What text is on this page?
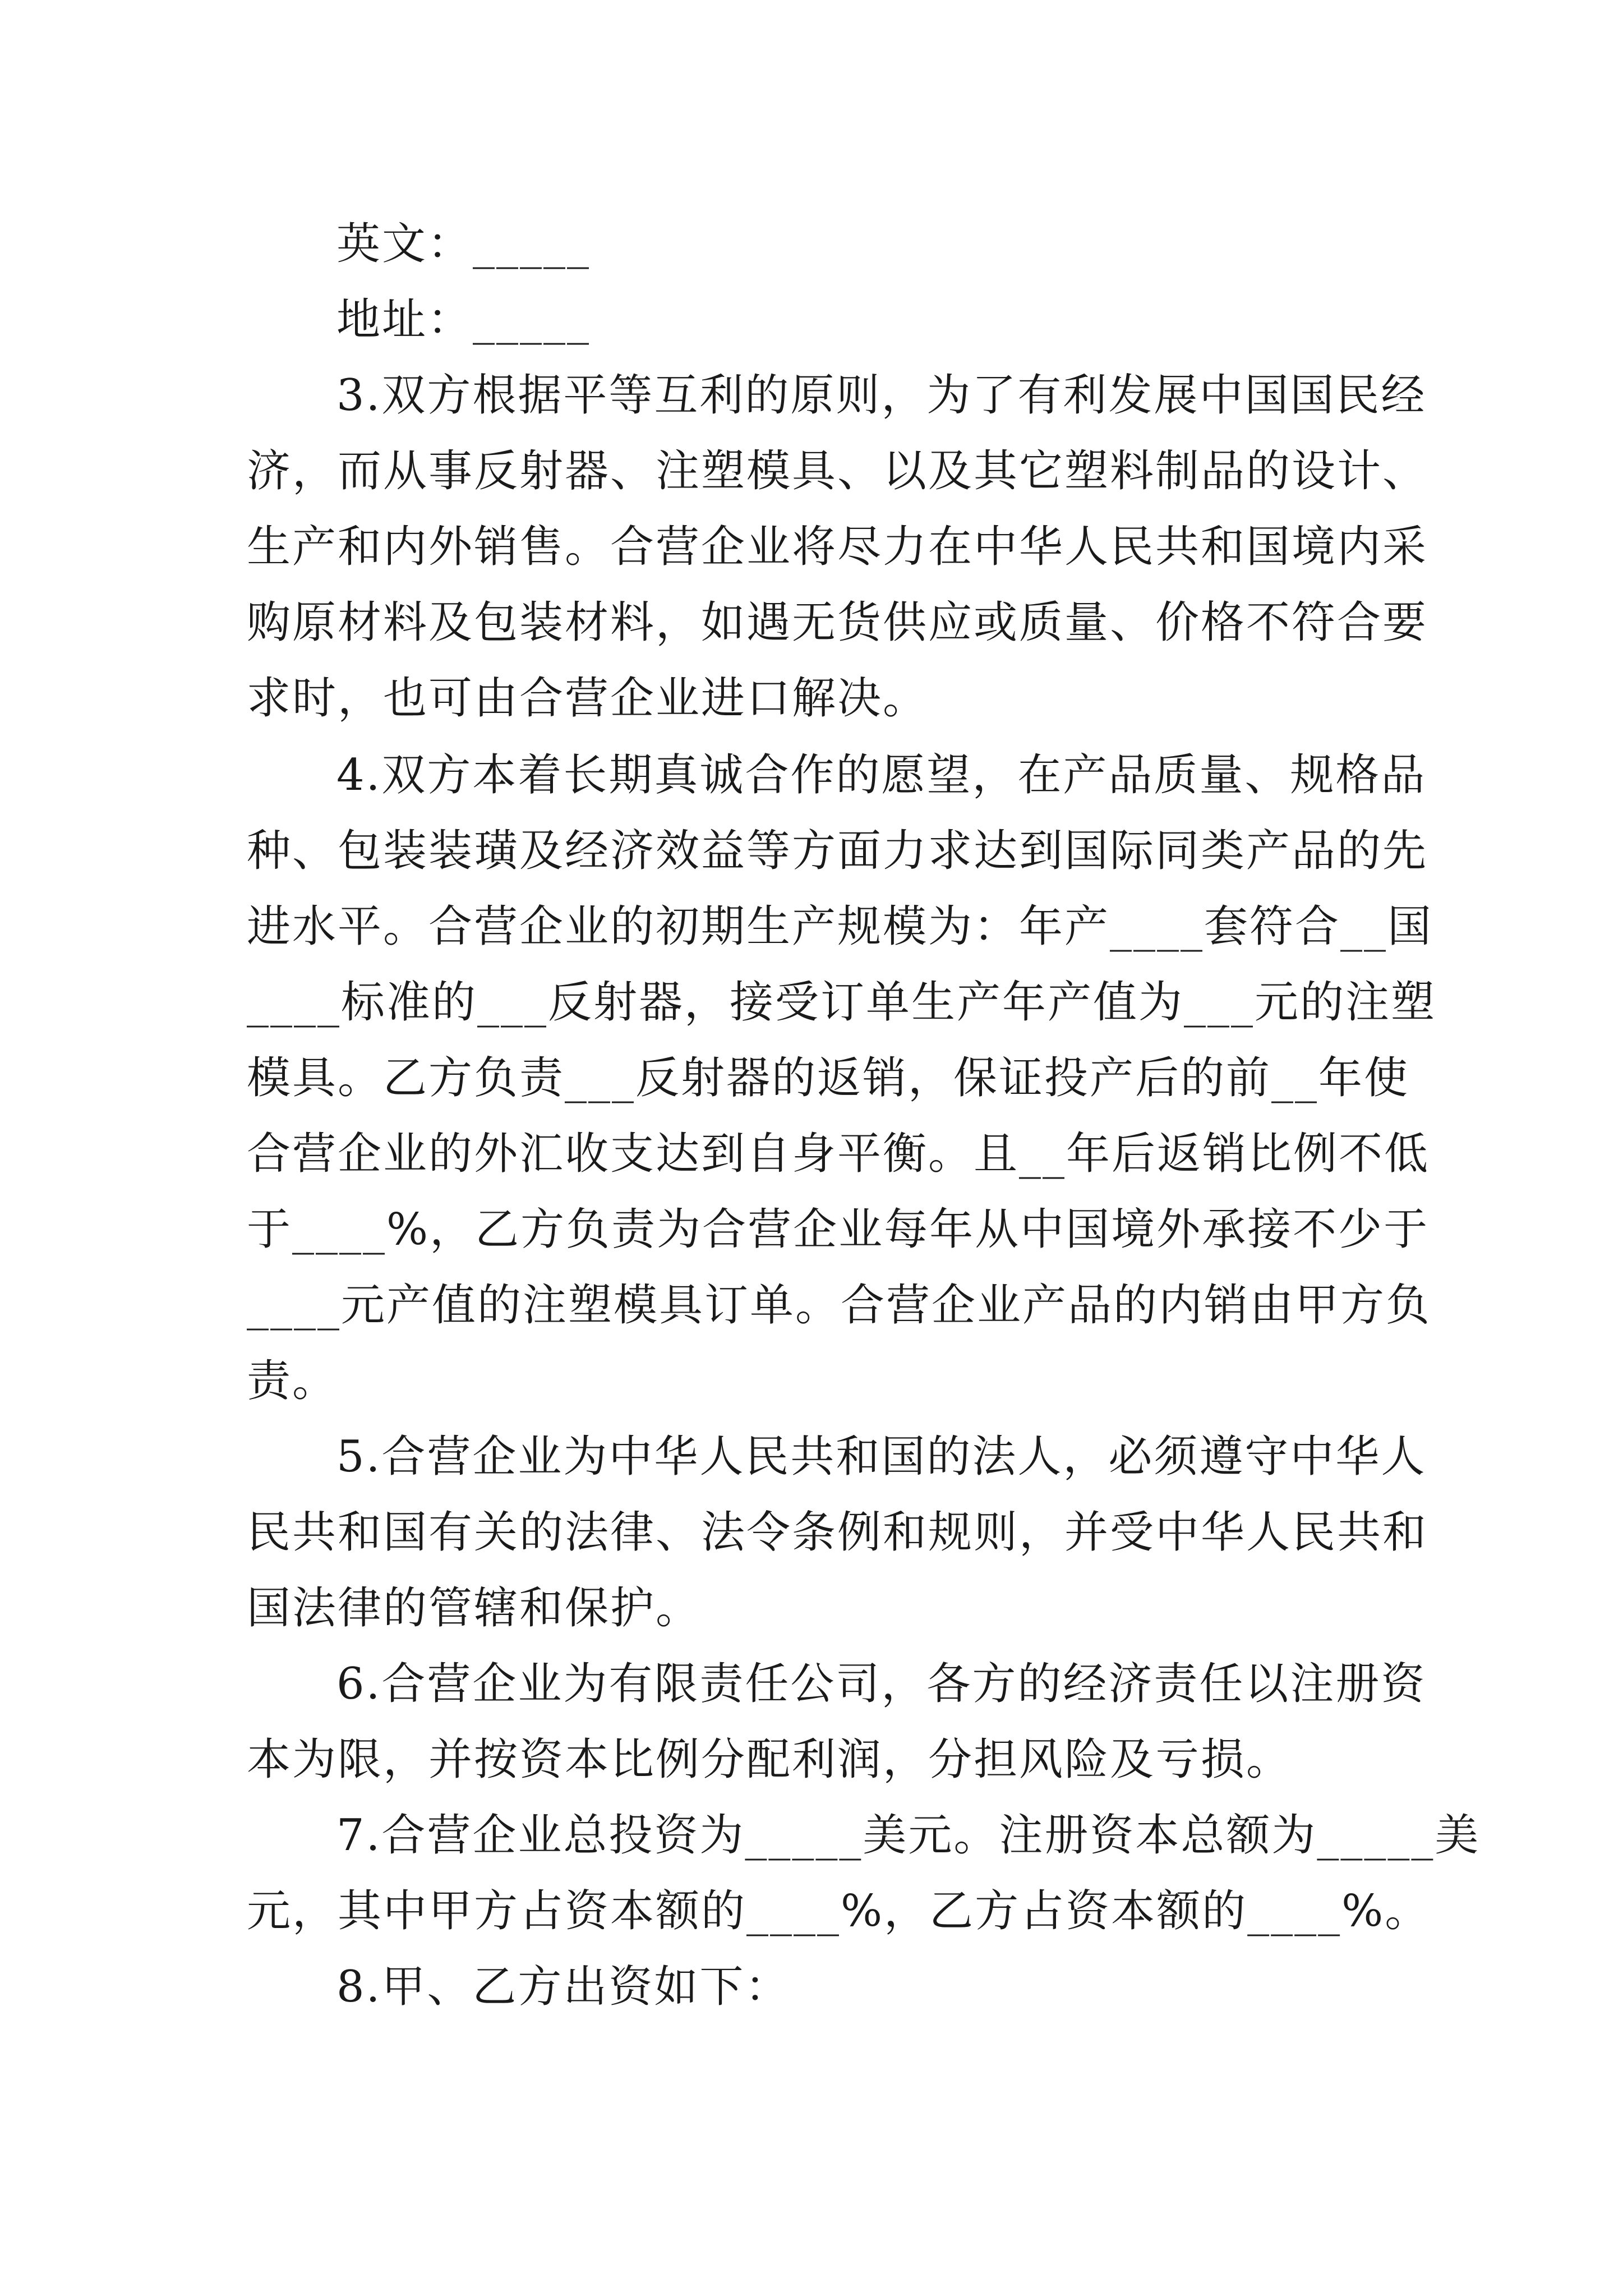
英文：_____

地址：_____

3.双方根据平等互利的原则，为了有利发展中国国民经

济，而从事反射器、注塑模具、以及其它塑料制品的设计、

生产和内外销售。合营企业将尽力在中华人民共和国境内采

购原材料及包装材料，如遇无货供应或质量、价格不符合要

求时，也可由合营企业进口解决。

4.双方本着长期真诚合作的愿望，在产品质量、规格品

种、包装装璜及经济效益等方面力求达到国际同类产品的先

进水平。合营企业的初期生产规模为：年产____套符合__国

____标准的___反射器，接受订单生产年产值为___元的注塑

模具。乙方负责___反射器的返销，保证投产后的前__年使

合营企业的外汇收支达到自身平衡。且__年后返销比例不低

于____%，乙方负责为合营企业每年从中国境外承接不少于

____元产值的注塑模具订单。合营企业产品的内销由甲方负

责。

5.合营企业为中华人民共和国的法人，必须遵守中华人

民共和国有关的法律、法令条例和规则，并受中华人民共和

国法律的管辖和保护。

6.合营企业为有限责任公司，各方的经济责任以注册资

本为限，并按资本比例分配利润，分担风险及亏损。

7.合营企业总投资为_____美元。注册资本总额为_____美

元，其中甲方占资本额的____%，乙方占资本额的____%。

8.甲、乙方出资如下：
